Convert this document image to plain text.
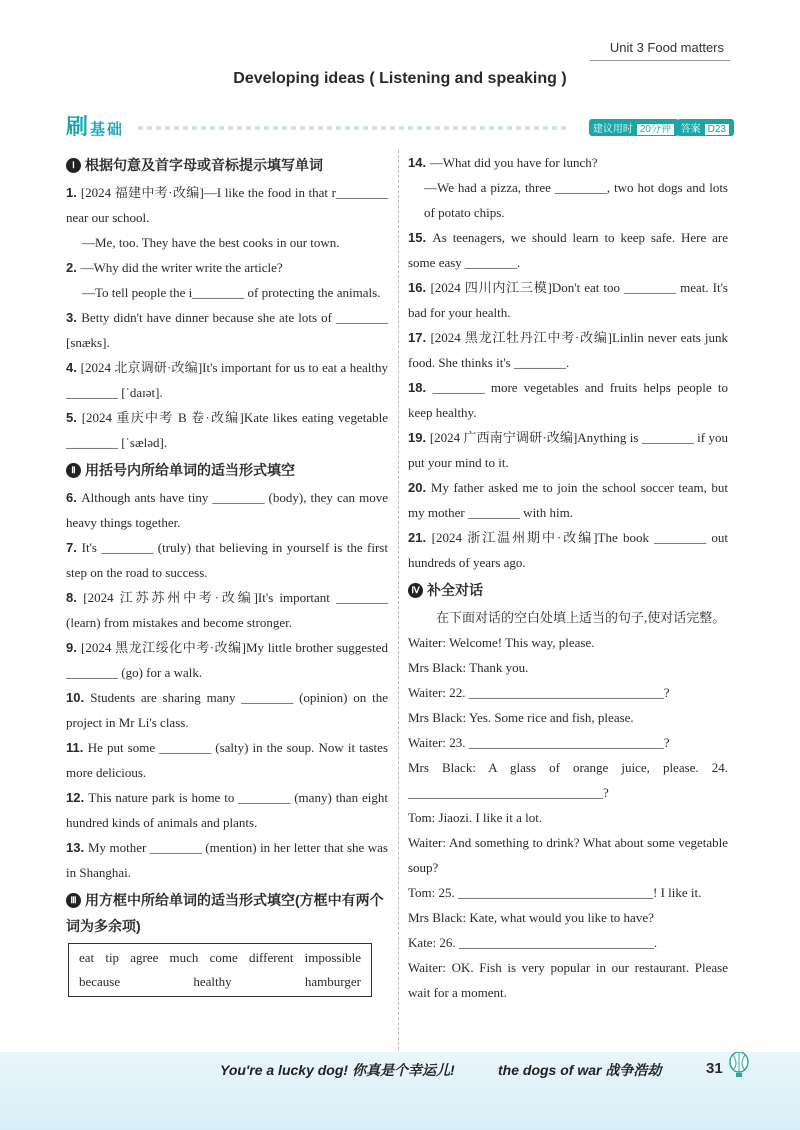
Unit 3 Food matters
Developing ideas ( Listening and speaking )
刷基础	建议用时 20分钟 答案 D23
Ⅰ 根据句意及首字母或音标提示填写单词
1. [2024 福建中考·改编]—I like the food in that r________ near our school.
—Me, too. They have the best cooks in our town.
2. —Why did the writer write the article?
—To tell people the i________ of protecting the animals.
3. Betty didn't have dinner because she ate lots of ________ [snæks].
4. [2024 北京调研·改编]It's important for us to eat a healthy ________ [ˈdaɪət].
5. [2024 重庆中考 B 卷·改编]Kate likes eating vegetable ________ [ˈsæləd].
Ⅱ 用括号内所给单词的适当形式填空
6. Although ants have tiny ________ (body), they can move heavy things together.
7. It's ________ (truly) that believing in yourself is the first step on the road to success.
8. [2024 江苏苏州中考·改编]It's important ________ (learn) from mistakes and become stronger.
9. [2024 黑龙江绥化中考·改编]My little brother suggested ________ (go) for a walk.
10. Students are sharing many ________ (opinion) on the project in Mr Li's class.
11. He put some ________ (salty) in the soup. Now it tastes more delicious.
12. This nature park is home to ________ (many) than eight hundred kinds of animals and plants.
13. My mother ________ (mention) in her letter that she was in Shanghai.
Ⅲ 用方框中所给单词的适当形式填空(方框中有两个词为多余项)
eat tip agree much come different impossible
because	healthy	hamburger
14. —What did you have for lunch?
—We had a pizza, three ________, two hot dogs and lots of potato chips.
15. As teenagers, we should learn to keep safe. Here are some easy ________.
16. [2024 四川内江三模]Don't eat too ________ meat. It's bad for your health.
17. [2024 黑龙江牡丹江中考·改编]Linlin never eats junk food. She thinks it's ________.
18. ________ more vegetables and fruits helps people to keep healthy.
19. [2024 广西南宁调研·改编]Anything is ________ if you put your mind to it.
20. My father asked me to join the school soccer team, but my mother ________ with him.
21. [2024 浙江温州期中·改编]The book ________ out hundreds of years ago.
Ⅳ 补全对话
在下面对话的空白处填上适当的句子,使对话完整。
Waiter: Welcome! This way, please.
Mrs Black: Thank you.
Waiter: 22. ______________________________?
Mrs Black: Yes. Some rice and fish, please.
Waiter: 23. ______________________________?
Mrs Black: A glass of orange juice, please. 24. ______________________________?
Tom: Jiaozi. I like it a lot.
Waiter: And something to drink? What about some vegetable soup?
Tom: 25. ______________________________! I like it.
Mrs Black: Kate, what would you like to have?
Kate: 26. ______________________________.
Waiter: OK. Fish is very popular in our restaurant. Please wait for a moment.
You're a lucky dog! 你真是个幸运儿!	the dogs of war 战争浩劫	31
